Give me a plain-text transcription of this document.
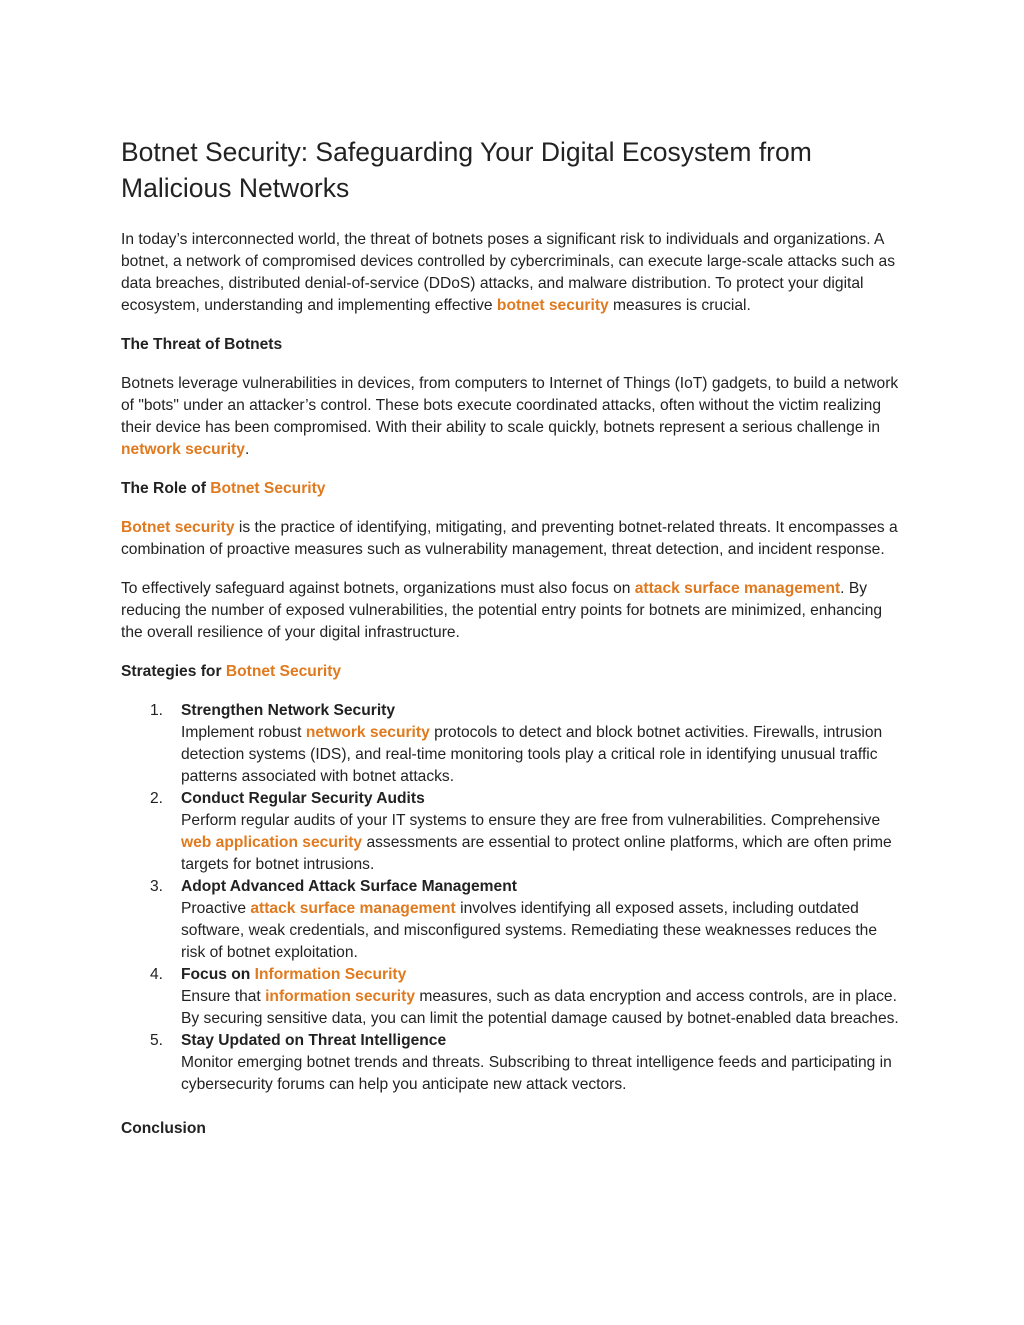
Botnet Security: Safeguarding Your Digital Ecosystem from Malicious Networks

In today’s interconnected world, the threat of botnets poses a significant risk to individuals and organizations. A botnet, a network of compromised devices controlled by cybercriminals, can execute large-scale attacks such as data breaches, distributed denial-of-service (DDoS) attacks, and malware distribution. To protect your digital ecosystem, understanding and implementing effective botnet security measures is crucial.

The Threat of Botnets

Botnets leverage vulnerabilities in devices, from computers to Internet of Things (IoT) gadgets, to build a network of "bots" under an attacker’s control. These bots execute coordinated attacks, often without the victim realizing their device has been compromised. With their ability to scale quickly, botnets represent a serious challenge in network security.

The Role of Botnet Security

Botnet security is the practice of identifying, mitigating, and preventing botnet-related threats. It encompasses a combination of proactive measures such as vulnerability management, threat detection, and incident response.

To effectively safeguard against botnets, organizations must also focus on attack surface management. By reducing the number of exposed vulnerabilities, the potential entry points for botnets are minimized, enhancing the overall resilience of your digital infrastructure.

Strategies for Botnet Security
1. Strengthen Network Security
Implement robust network security protocols to detect and block botnet activities. Firewalls, intrusion detection systems (IDS), and real-time monitoring tools play a critical role in identifying unusual traffic patterns associated with botnet attacks.
2. Conduct Regular Security Audits
Perform regular audits of your IT systems to ensure they are free from vulnerabilities. Comprehensive web application security assessments are essential to protect online platforms, which are often prime targets for botnet intrusions.
3. Adopt Advanced Attack Surface Management
Proactive attack surface management involves identifying all exposed assets, including outdated software, weak credentials, and misconfigured systems. Remediating these weaknesses reduces the risk of botnet exploitation.
4. Focus on Information Security
Ensure that information security measures, such as data encryption and access controls, are in place. By securing sensitive data, you can limit the potential damage caused by botnet-enabled data breaches.
5. Stay Updated on Threat Intelligence
Monitor emerging botnet trends and threats. Subscribing to threat intelligence feeds and participating in cybersecurity forums can help you anticipate new attack vectors.
Conclusion
